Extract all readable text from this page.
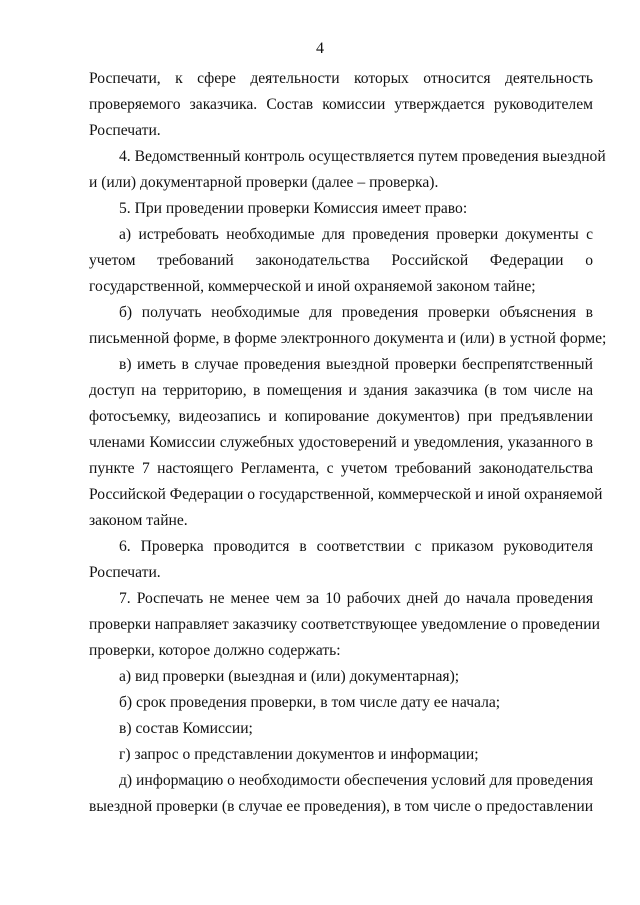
4
Роспечати, к сфере деятельности которых относится деятельность
проверяемого заказчика. Состав комиссии утверждается руководителем
Роспечати.
4. Ведомственный контроль осуществляется путем проведения выездной
и (или) документарной проверки (далее – проверка).
5. При проведении проверки Комиссия имеет право:
а) истребовать необходимые для проведения проверки документы с
учетом требований законодательства Российской Федерации о
государственной, коммерческой и иной охраняемой законом тайне;
б) получать необходимые для проведения проверки объяснения в
письменной форме, в форме электронного документа и (или) в устной форме;
в) иметь в случае проведения выездной проверки беспрепятственный
доступ на территорию, в помещения и здания заказчика (в том числе на
фотосъемку, видеозапись и копирование документов) при предъявлении
членами Комиссии служебных удостоверений и уведомления, указанного в
пункте 7 настоящего Регламента, с учетом требований законодательства
Российской Федерации о государственной, коммерческой и иной охраняемой
законом тайне.
6. Проверка проводится в соответствии с приказом руководителя
Роспечати.
7. Роспечать не менее чем за 10 рабочих дней до начала проведения
проверки направляет заказчику соответствующее уведомление о проведении
проверки, которое должно содержать:
а) вид проверки (выездная и (или) документарная);
б) срок проведения проверки, в том числе дату ее начала;
в) состав Комиссии;
г) запрос о представлении документов и информации;
д) информацию о необходимости обеспечения условий для проведения
выездной проверки (в случае ее проведения), в том числе о предоставлении
